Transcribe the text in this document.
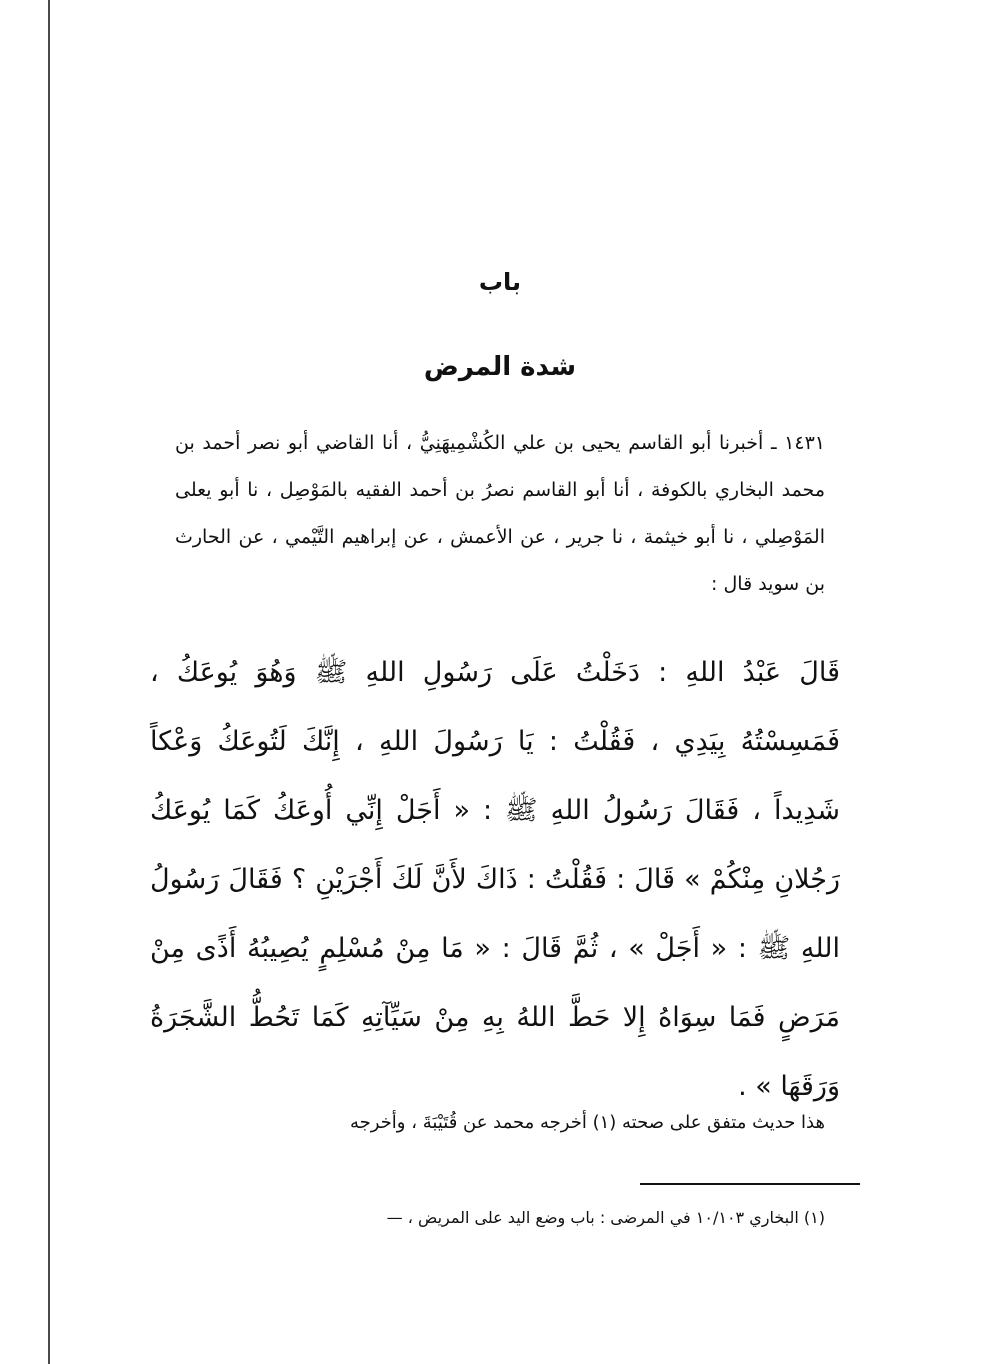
باب
شدة المرض

١٤٣١ ـ أخبرنا أبو القاسم يحيى بن علي الكُشْمِيهَنِيُّ ، أنا القاضي أبو نصر أحمد بن محمد البخاري بالكوفة ، أنا أبو القاسم نصرُ بن أحمد الفقيه بالمَوْصِل ، نا أبو يعلى المَوْصِلي ، نا أبو خيثمة ، نا جرير ، عن الأعمش ، عن إبراهيم التَّيْمي ، عن الحارث بن سويد قال :

قَالَ عَبْدُ اللهِ : دَخَلْتُ عَلَى رَسُولِ اللهِ ﷺ وَهُوَ يُوعَكُ ، فَمَسِسْتُهُ بِيَدِي ، فَقُلْتُ : يَا رَسُولَ اللهِ ، إِنَّكَ لَتُوعَكُ وَعْكاً شَدِيداً ، فَقَالَ رَسُولُ اللهِ ﷺ : « أَجَلْ إِنِّي أُوعَكُ كَمَا يُوعَكُ رَجُلانِ مِنْكُمْ » قَالَ : فَقُلْتُ : ذَاكَ لأَنَّ لَكَ أَجْرَيْنِ ؟ فَقَالَ رَسُولُ اللهِ ﷺ : « أَجَلْ » ، ثُمَّ قَالَ : « مَا مِنْ مُسْلِمٍ يُصِيبُهُ أَذًى مِنْ مَرَضٍ فَمَا سِوَاهُ إِلا حَطَّ اللهُ بِهِ مِنْ سَيِّآتِهِ كَمَا تَحُطُّ الشَّجَرَةُ وَرَقَهَا » .

هذا حديث متفق على صحته (١) أخرجه محمد عن قُتَيْبَةَ ، وأخرجه
(١) البخاري ١٠/١٠٣ في المرضى : باب وضع اليد على المريض ، —
